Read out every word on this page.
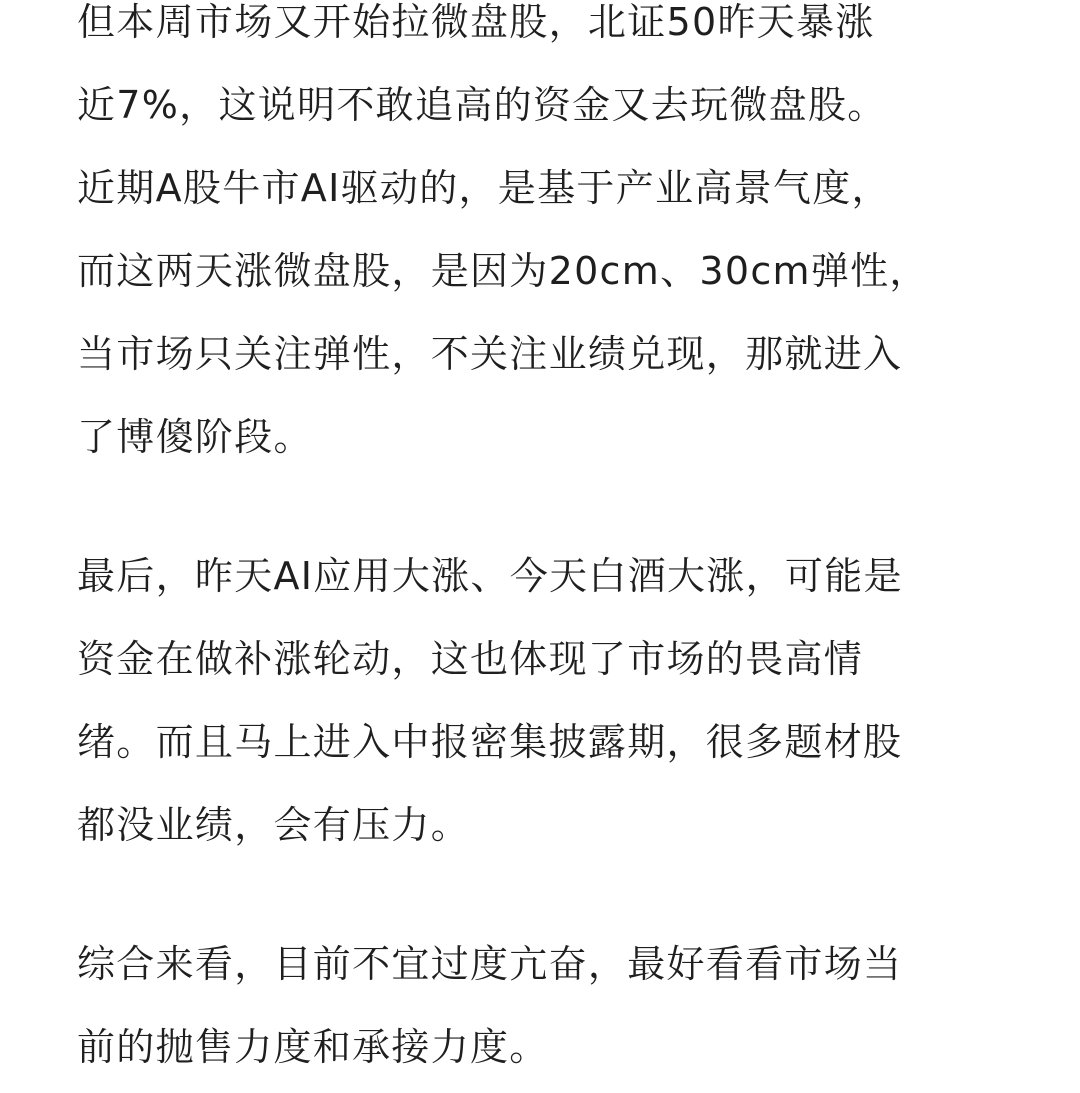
但本周市场又开始拉微盘股，北证50昨天暴涨
近7%，这说明不敢追高的资金又去玩微盘股。
近期A股牛市AI驱动的，是基于产业高景气度，
而这两天涨微盘股，是因为20cm、30cm弹性，
当市场只关注弹性，不关注业绩兑现，那就进入
了博傻阶段。
最后，昨天AI应用大涨、今天白酒大涨，可能是
资金在做补涨轮动，这也体现了市场的畏高情
绪。而且马上进入中报密集披露期，很多题材股
都没业绩，会有压力。
综合来看，目前不宜过度亢奋，最好看看市场当
前的抛售力度和承接力度。
